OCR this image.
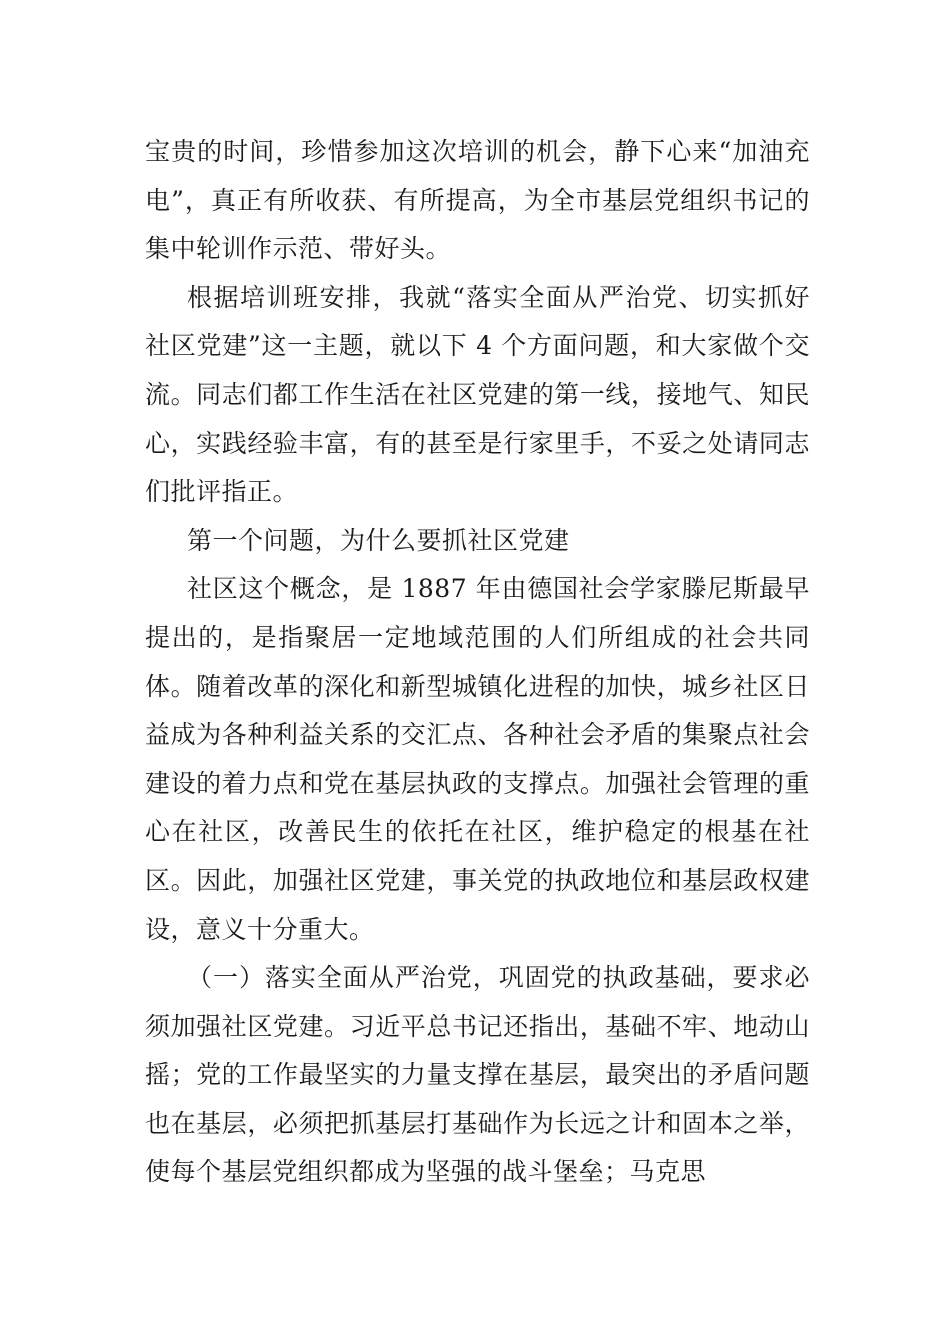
宝贵的时间，珍惜参加这次培训的机会，静下心来“加油充电”，真正有所收获、有所提高，为全市基层党组织书记的集中轮训作示范、带好头。

根据培训班安排，我就“落实全面从严治党、切实抓好社区党建”这一主题，就以下 4 个方面问题，和大家做个交流。同志们都工作生活在社区党建的第一线，接地气、知民心，实践经验丰富，有的甚至是行家里手，不妥之处请同志们批评指正。

第一个问题，为什么要抓社区党建

社区这个概念，是 1887 年由德国社会学家滕尼斯最早提出的，是指聚居一定地域范围的人们所组成的社会共同体。随着改革的深化和新型城镇化进程的加快，城乡社区日益成为各种利益关系的交汇点、各种社会矛盾的集聚点社会建设的着力点和党在基层执政的支撑点。加强社会管理的重心在社区，改善民生的依托在社区，维护稳定的根基在社区。因此，加强社区党建，事关党的执政地位和基层政权建设，意义十分重大。

（一）落实全面从严治党，巩固党的执政基础，要求必须加强社区党建。习近平总书记还指出，基础不牢、地动山摇；党的工作最坚实的力量支撑在基层，最突出的矛盾问题也在基层，必须把抓基层打基础作为长远之计和固本之举，使每个基层党组织都成为坚强的战斗堡垒；马克思
